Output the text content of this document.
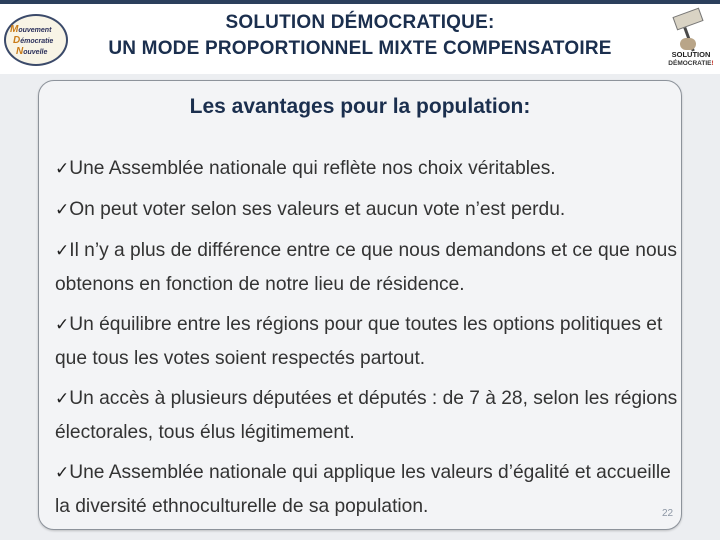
Mouvement
Démocratie
Nouvelle
SOLUTION DÉMOCRATIQUE:
UN MODE PROPORTIONNEL MIXTE COMPENSATOIRE	SOLUTION
DÉMOCRATIE!
Les avantages pour la population:
✓Une Assemblée nationale qui reflète nos choix véritables.
✓On peut voter selon ses valeurs et aucun vote n’est perdu.
✓Il n’y a plus de différence entre ce que nous demandons et ce que nous obtenons en fonction de notre lieu de résidence.
✓Un équilibre entre les régions pour que toutes les options politiques et que tous les votes soient respectés partout.
✓Un accès à plusieurs députées et députés : de 7 à 28, selon les régions électorales, tous élus légitimement.
✓Une Assemblée nationale qui applique les valeurs d’égalité et accueille la diversité ethnoculturelle de sa population.	22
